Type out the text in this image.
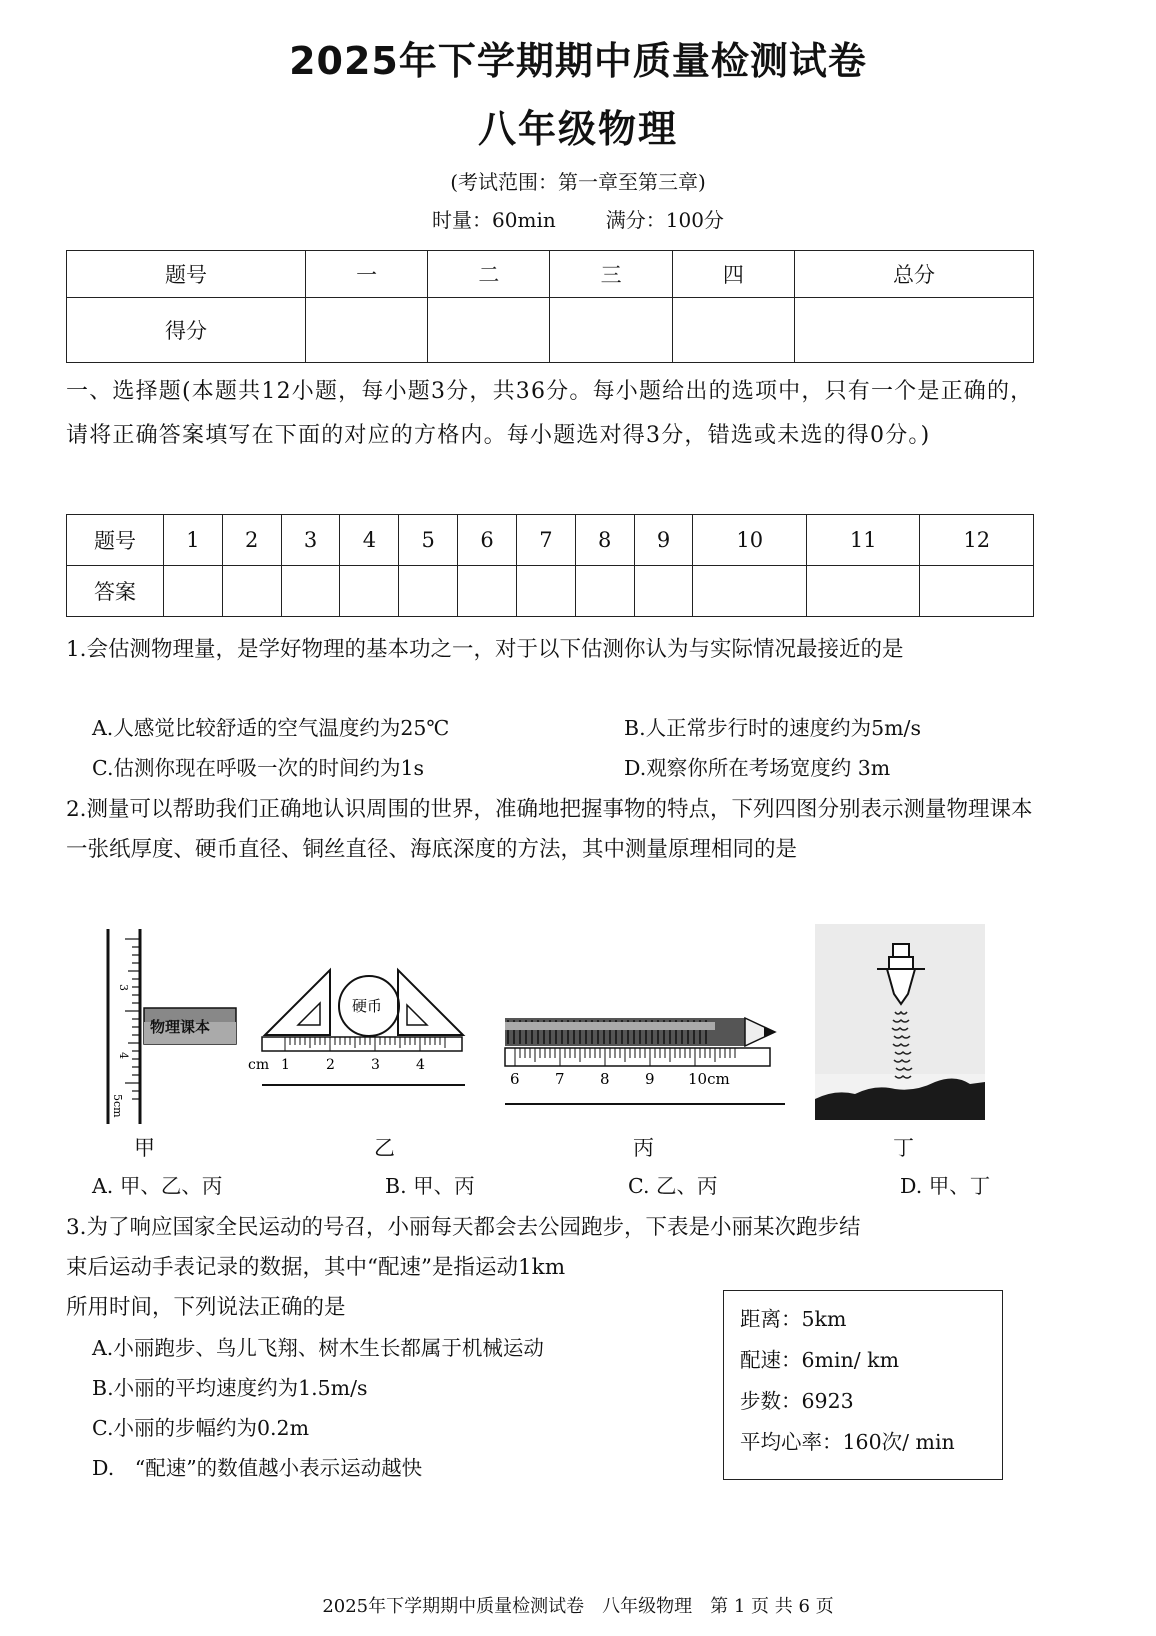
2025年下学期期中质量检测试卷
八年级物理
(考试范围：第一章至第三章)
时量：60min	满分：100分
题号	一	二	三	四	总分
得分					
一、选择题(本题共12小题，每小题3分，共36分。每小题给出的选项中，只有一个是正确的，请将正确答案填写在下面的对应的方格内。每小题选对得3分，错选或未选的得0分。)
题号	1	2	3	4	5	6	7	8	9	10	11	12
答案												
1.会估测物理量，是学好物理的基本功之一，对于以下估测你认为与实际情况最接近的是
A.人感觉比较舒适的空气温度约为25℃	B.人正常步行时的速度约为5m/s
C.估测你现在呼吸一次的时间约为1s	D.观察你所在考场宽度约 3m
2.测量可以帮助我们正确地认识周围的世界，准确地把握事物的特点，下列四图分别表示测量物理课本一张纸厚度、硬币直径、铜丝直径、海底深度的方法，其中测量原理相同的是
3
4
5cm
物理课本
甲
硬币
cm 1	2	3	4
乙
6 7 8 9 10cm
丙	丁
A. 甲、乙、丙	B. 甲、丙	C. 乙、丙	D. 甲、丁
3.为了响应国家全民运动的号召，小丽每天都会去公园跑步，下表是小丽某次跑步结
束后运动手表记录的数据，其中“配速”是指运动1km
所用时间，下列说法正确的是
A.小丽跑步、鸟儿飞翔、树木生长都属于机械运动
B.小丽的平均速度约为1.5m/s
C.小丽的步幅约为0.2m
D.　“配速”的数值越小表示运动越快
距离：5km
配速：6min/ km
步数：6923
平均心率：160次/ min
2025年下学期期中质量检测试卷　八年级物理　第 1 页 共 6 页
